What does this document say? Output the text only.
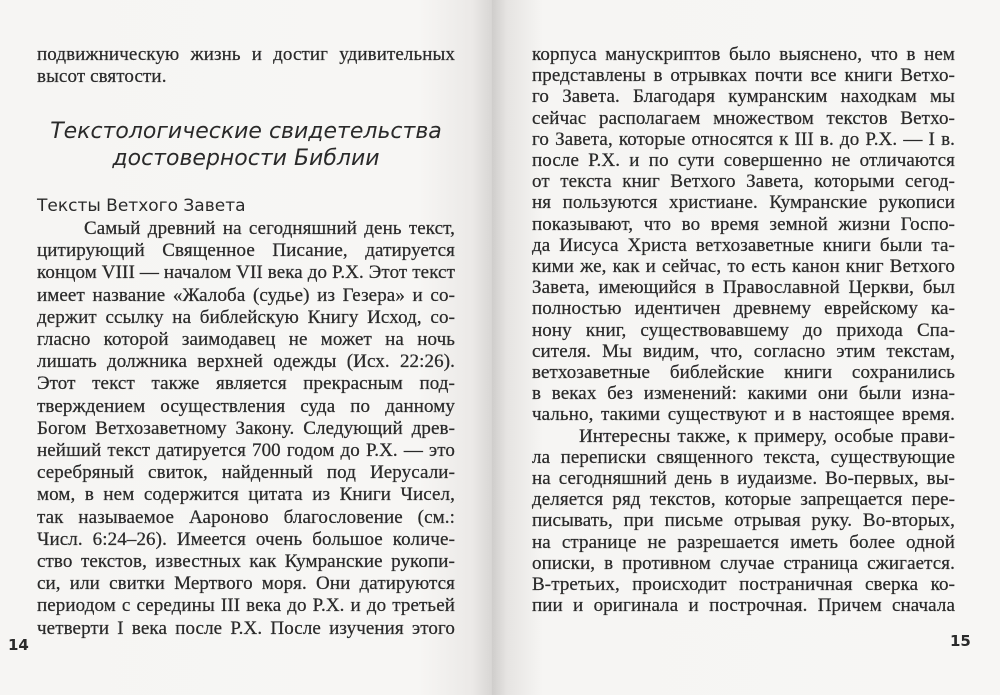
подвижническую жизнь и достиг удивительных
высот святости.
Текстологические свидетельства
достоверности Библии
Тексты Ветхого Завета
Самый древний на сегодняшний день текст,
цитирующий Священное Писание, датируется
концом VIII — началом VII века до Р.Х. Этот текст
имеет название «Жалоба (судье) из Гезера» и со-
держит ссылку на библейскую Книгу Исход, со-
гласно которой заимодавец не может на ночь
лишать должника верхней одежды (Исх. 22:26).
Этот текст также является прекрасным под-
тверждением осуществления суда по данному
Богом Ветхозаветному Закону. Следующий древ-
нейший текст датируется 700 годом до Р.Х. — это
серебряный свиток, найденный под Иерусали-
мом, в нем содержится цитата из Книги Чисел,
так называемое Аароново благословение (см.:
Числ. 6:24–26). Имеется очень большое количе-
ство текстов, известных как Кумранские рукопи-
си, или свитки Мертвого моря. Они датируются
периодом с середины III века до Р.Х. и до третьей
четверти I века после Р.Х. После изучения этого
14
корпуса манускриптов было выяснено, что в нем
представлены в отрывках почти все книги Ветхо-
го Завета. Благодаря кумранским находкам мы
сейчас располагаем множеством текстов Ветхо-
го Завета, которые относятся к III в. до Р.Х. — I в.
после Р.Х. и по сути совершенно не отличаются
от текста книг Ветхого Завета, которыми сегод-
ня пользуются христиане. Кумранские рукописи
показывают, что во время земной жизни Госпо-
да Иисуса Христа ветхозаветные книги были та-
кими же, как и сейчас, то есть канон книг Ветхого
Завета, имеющийся в Православной Церкви, был
полностью идентичен древнему еврейскому ка-
нону книг, существовавшему до прихода Спа-
сителя. Мы видим, что, согласно этим текстам,
ветхозаветные библейские книги сохранились
в веках без изменений: какими они были изна-
чально, такими существуют и в настоящее время.
Интересны также, к примеру, особые прави-
ла переписки священного текста, существующие
на сегодняшний день в иудаизме. Во-первых, вы-
деляется ряд текстов, которые запрещается пере-
писывать, при письме отрывая руку. Во-вторых,
на странице не разрешается иметь более одной
описки, в противном случае страница сжигается.
В-третьих, происходит постраничная сверка ко-
пии и оригинала и построчная. Причем сначала
15
